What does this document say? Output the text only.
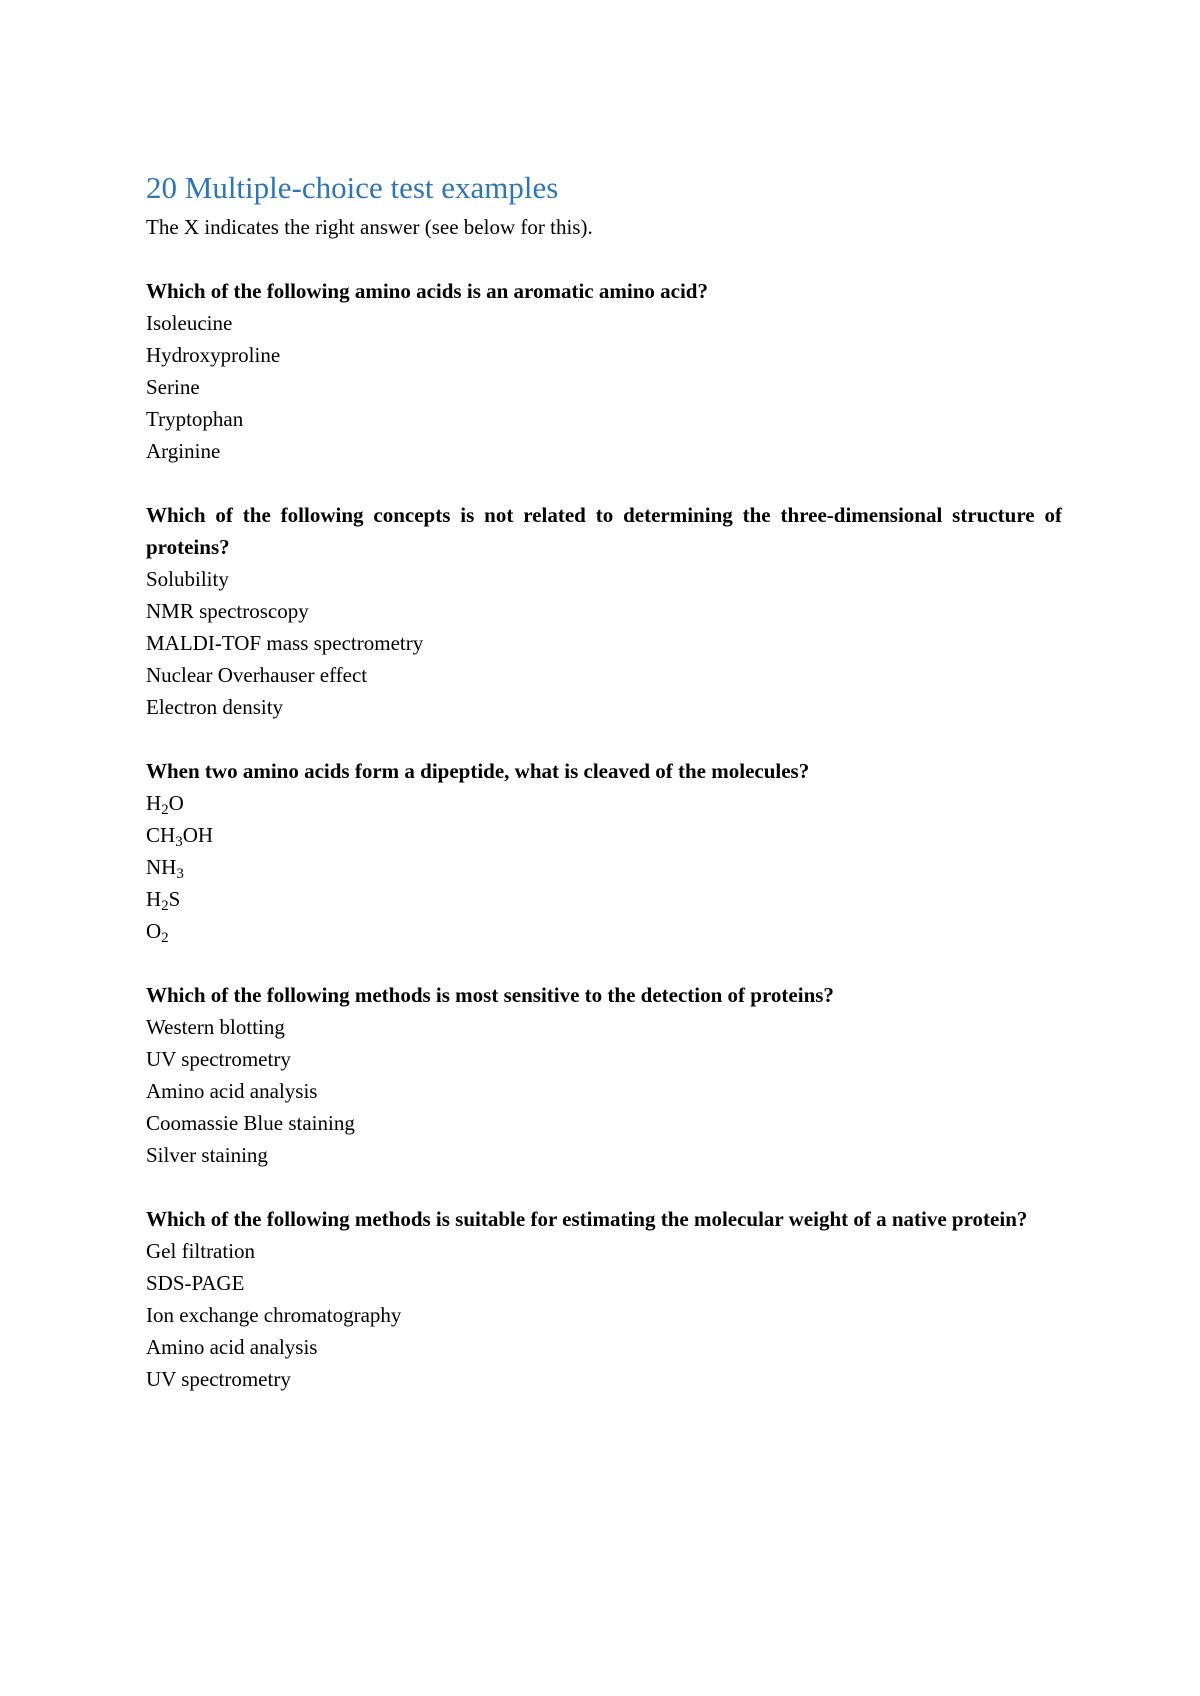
20 Multiple-choice test examples

The X indicates the right answer (see below for this).

Which of the following amino acids is an aromatic amino acid?

Isoleucine
Hydroxyproline
Serine
Tryptophan
Arginine

Which of the following concepts is not related to determining the three-dimensional structure of proteins?

Solubility
NMR spectroscopy
MALDI-TOF mass spectrometry
Nuclear Overhauser effect
Electron density

When two amino acids form a dipeptide, what is cleaved of the molecules?

H2O
CH3OH
NH3
H2S
O2

Which of the following methods is most sensitive to the detection of proteins?

Western blotting
UV spectrometry
Amino acid analysis
Coomassie Blue staining
Silver staining

Which of the following methods is suitable for estimating the molecular weight of a native protein?

Gel filtration
SDS-PAGE
Ion exchange chromatography
Amino acid analysis
UV spectrometry
